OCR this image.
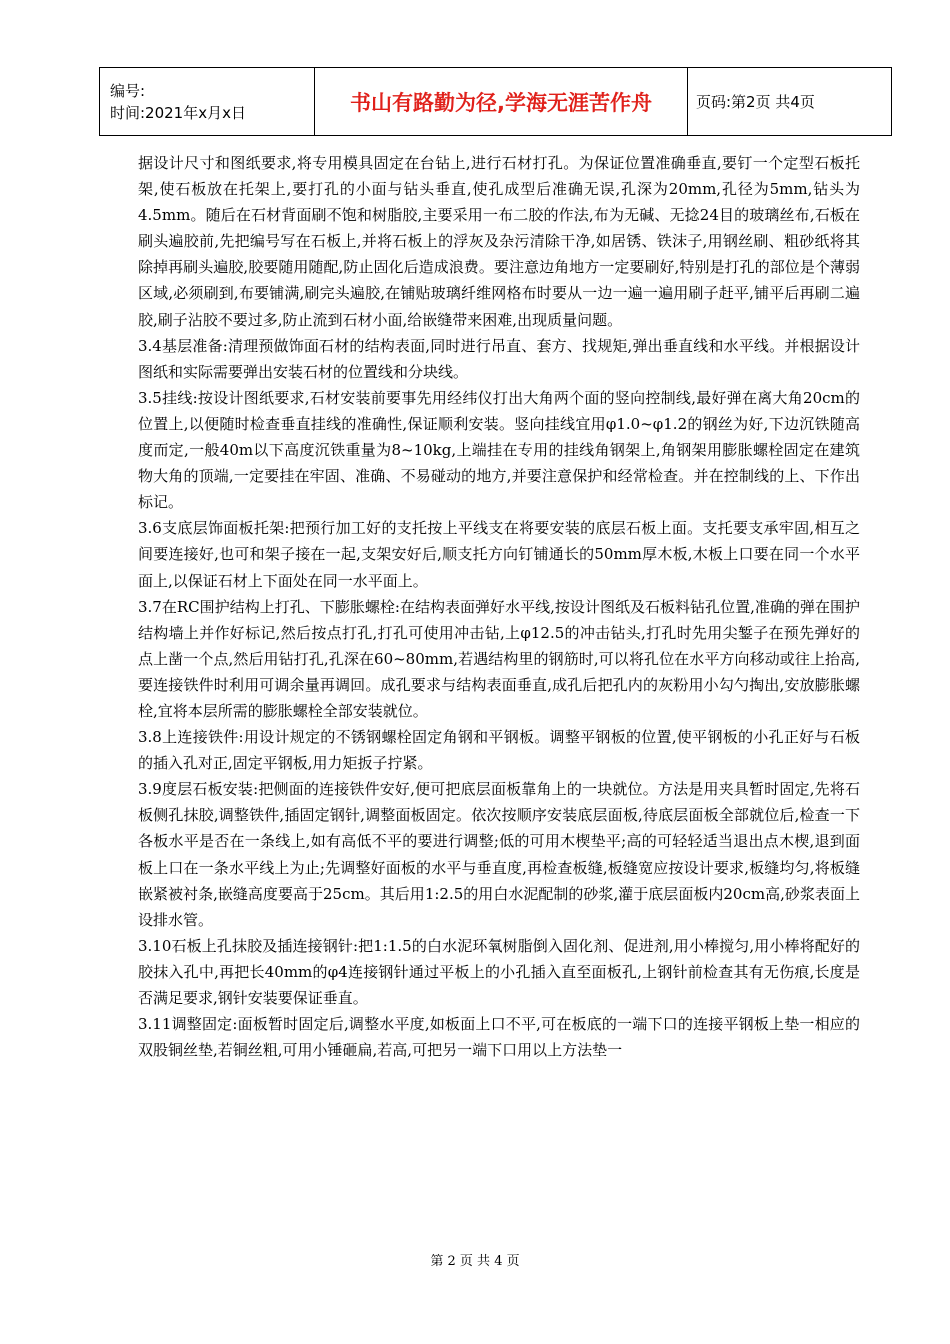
编号:
时间:2021年x月x日	书山有路勤为径,学海无涯苦作舟	页码:第2页 共4页

据设计尺寸和图纸要求,将专用模具固定在台钻上,进行石材打孔。为保证位置准确垂直,要钉一个定型石板托架,使石板放在托架上,要打孔的小面与钻头垂直,使孔成型后准确无误,孔深为20mm,孔径为5mm,钻头为4.5mm。随后在石材背面刷不饱和树脂胶,主要采用一布二胶的作法,布为无碱、无捻24目的玻璃丝布,石板在刷头遍胶前,先把编号写在石板上,并将石板上的浮灰及杂污清除干净,如居锈、铁沫子,用钢丝刷、粗砂纸将其除掉再刷头遍胶,胶要随用随配,防止固化后造成浪费。要注意边角地方一定要刷好,特别是打孔的部位是个薄弱区域,必须刷到,布要铺满,刷完头遍胶,在铺贴玻璃纤维网格布时要从一边一遍一遍用刷子赶平,铺平后再刷二遍胶,刷子沾胶不要过多,防止流到石材小面,给嵌缝带来困难,出现质量问题。

3.4基层准备:清理预做饰面石材的结构表面,同时进行吊直、套方、找规矩,弹出垂直线和水平线。并根据设计图纸和实际需要弹出安装石材的位置线和分块线。

3.5挂线:按设计图纸要求,石材安装前要事先用经纬仪打出大角两个面的竖向控制线,最好弹在离大角20cm的位置上,以便随时检查垂直挂线的准确性,保证顺利安装。竖向挂线宜用φ1.0~φ1.2的钢丝为好,下边沉铁随高度而定,一般40m以下高度沉铁重量为8~10kg,上端挂在专用的挂线角钢架上,角钢架用膨胀螺栓固定在建筑物大角的顶端,一定要挂在牢固、准确、不易碰动的地方,并要注意保护和经常检查。并在控制线的上、下作出标记。

3.6支底层饰面板托架:把预行加工好的支托按上平线支在将要安装的底层石板上面。支托要支承牢固,相互之间要连接好,也可和架子接在一起,支架安好后,顺支托方向钉铺通长的50mm厚木板,木板上口要在同一个水平面上,以保证石材上下面处在同一水平面上。

3.7在RC围护结构上打孔、下膨胀螺栓:在结构表面弹好水平线,按设计图纸及石板料钻孔位置,准确的弹在围护结构墙上并作好标记,然后按点打孔,打孔可使用冲击钻,上φ12.5的冲击钻头,打孔时先用尖錾子在预先弹好的点上凿一个点,然后用钻打孔,孔深在60~80mm,若遇结构里的钢筋时,可以将孔位在水平方向移动或往上抬高,要连接铁件时利用可调余量再调回。成孔要求与结构表面垂直,成孔后把孔内的灰粉用小勾勺掏出,安放膨胀螺栓,宜将本层所需的膨胀螺栓全部安装就位。

3.8上连接铁件:用设计规定的不锈钢螺栓固定角钢和平钢板。调整平钢板的位置,使平钢板的小孔正好与石板的插入孔对正,固定平钢板,用力矩扳子拧紧。

3.9度层石板安装:把侧面的连接铁件安好,便可把底层面板靠角上的一块就位。方法是用夹具暂时固定,先将石板侧孔抹胶,调整铁件,插固定钢针,调整面板固定。依次按顺序安装底层面板,待底层面板全部就位后,检查一下各板水平是否在一条线上,如有高低不平的要进行调整;低的可用木楔垫平;高的可轻轻适当退出点木楔,退到面板上口在一条水平线上为止;先调整好面板的水平与垂直度,再检查板缝,板缝宽应按设计要求,板缝均匀,将板缝嵌紧被衬条,嵌缝高度要高于25cm。其后用1:2.5的用白水泥配制的砂浆,灌于底层面板内20cm高,砂浆表面上设排水管。

3.10石板上孔抹胶及插连接钢针:把1:1.5的白水泥环氧树脂倒入固化剂、促进剂,用小棒搅匀,用小棒将配好的胶抹入孔中,再把长40mm的φ4连接钢针通过平板上的小孔插入直至面板孔,上钢针前检查其有无伤痕,长度是否满足要求,钢针安装要保证垂直。

3.11调整固定:面板暂时固定后,调整水平度,如板面上口不平,可在板底的一端下口的连接平钢板上垫一相应的双股铜丝垫,若铜丝粗,可用小锤砸扁,若高,可把另一端下口用以上方法垫一

第 2 页 共 4 页
